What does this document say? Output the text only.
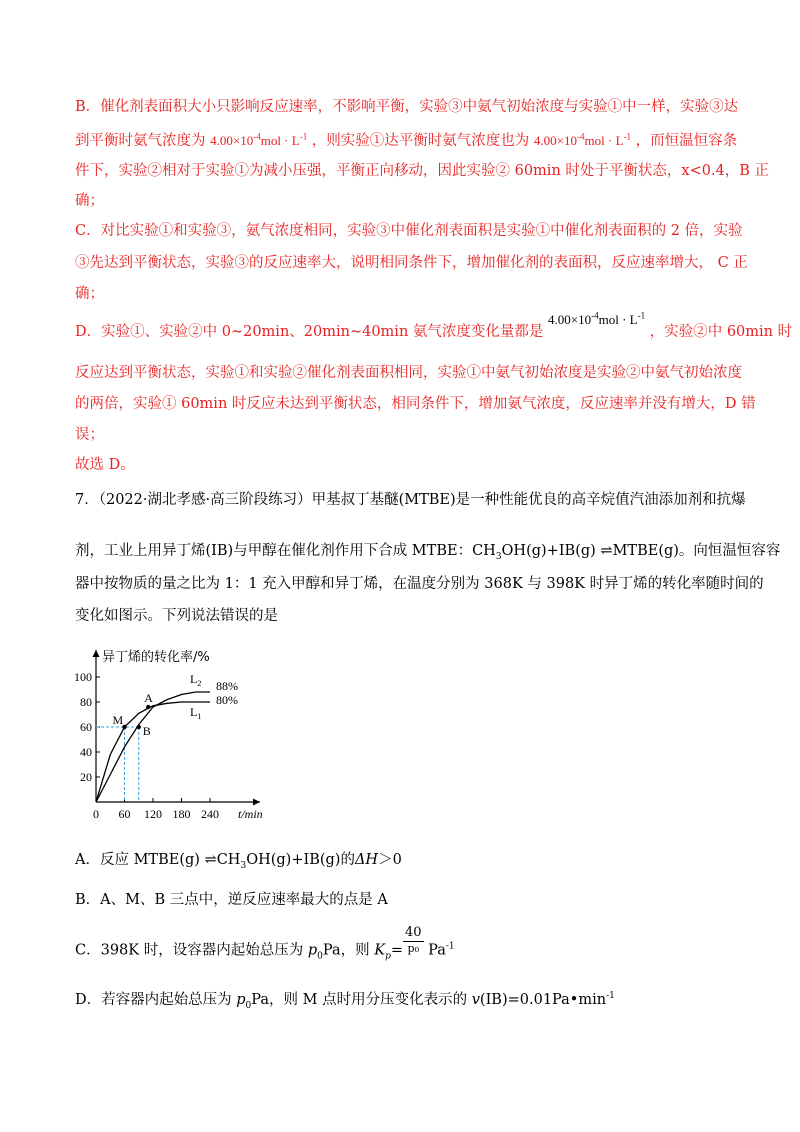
B．催化剂表面积大小只影响反应速率，不影响平衡，实验③中氨气初始浓度与实验①中一样，实验③达
到平衡时氨气浓度为 $4.00\times 10^{-4}mol \cdot L^{-1}$ ，则实验①达平衡时氨气浓度也为 $4.00\times 10^{-4}mol \cdot L^{-1}$ ，而恒温恒容条
件下，实验②相对于实验①为减小压强，平衡正向移动，因此实验② 60min 时处于平衡状态，x<0.4，B 正
确；
C．对比实验①和实验③，氨气浓度相同，实验③中催化剂表面积是实验①中催化剂表面积的 2 倍，实验
③先达到平衡状态，实验③的反应速率大，说明相同条件下，增加催化剂的表面积，反应速率增大， C 正
确；
D．实验①、实验②中 0~20min、20min~40min 氨气浓度变化量都是 $4.00\times 10^{-4}mol \cdot L^{-1}$ ，实验②中 60min 时
反应达到平衡状态，实验①和实验②催化剂表面积相同，实验①中氨气初始浓度是实验②中氨气初始浓度
的两倍，实验① 60min 时反应未达到平衡状态，相同条件下，增加氨气浓度，反应速率并没有增大，D 错
误；
故选 D。
7．（2022·湖北孝感·高三阶段练习）甲基叔丁基醚(MTBE)是一种性能优良的高辛烷值汽油添加剂和抗爆
剂，工业上用异丁烯(IB)与甲醇在催化剂作用下合成 MTBE：$CH_3OH(g)+IB(g)$ ⇌MTBE(g)。向恒温恒容容
器中按物质的量之比为 1：1 充入甲醇和异丁烯，在温度分别为 368K 与 398K 时异丁烯的转化率随时间的
变化如图示。下列说法错误的是
异丁烯的转化率/%
20
40
60
80
100
0 60 120 180 240 t/min
$L_2$ 88%
$L_1$
80%
M
A
B
A．反应 MTBE(g) $\rightleftharpoons CH_3OH(g)+IB(g)$的ΔH＞0
B．A、M、B 三点中，逆反应速率最大的点是 A
C．398K 时，设容器内起始总压为 $p_0Pa$，则 $K_p= \frac{40}{\text{p₀}} Pa^{-1}$
D．若容器内起始总压为 $p_0Pa$，则 M 点时用分压变化表示的 $v(IB)=0.01Pa•\min^{-1}$
